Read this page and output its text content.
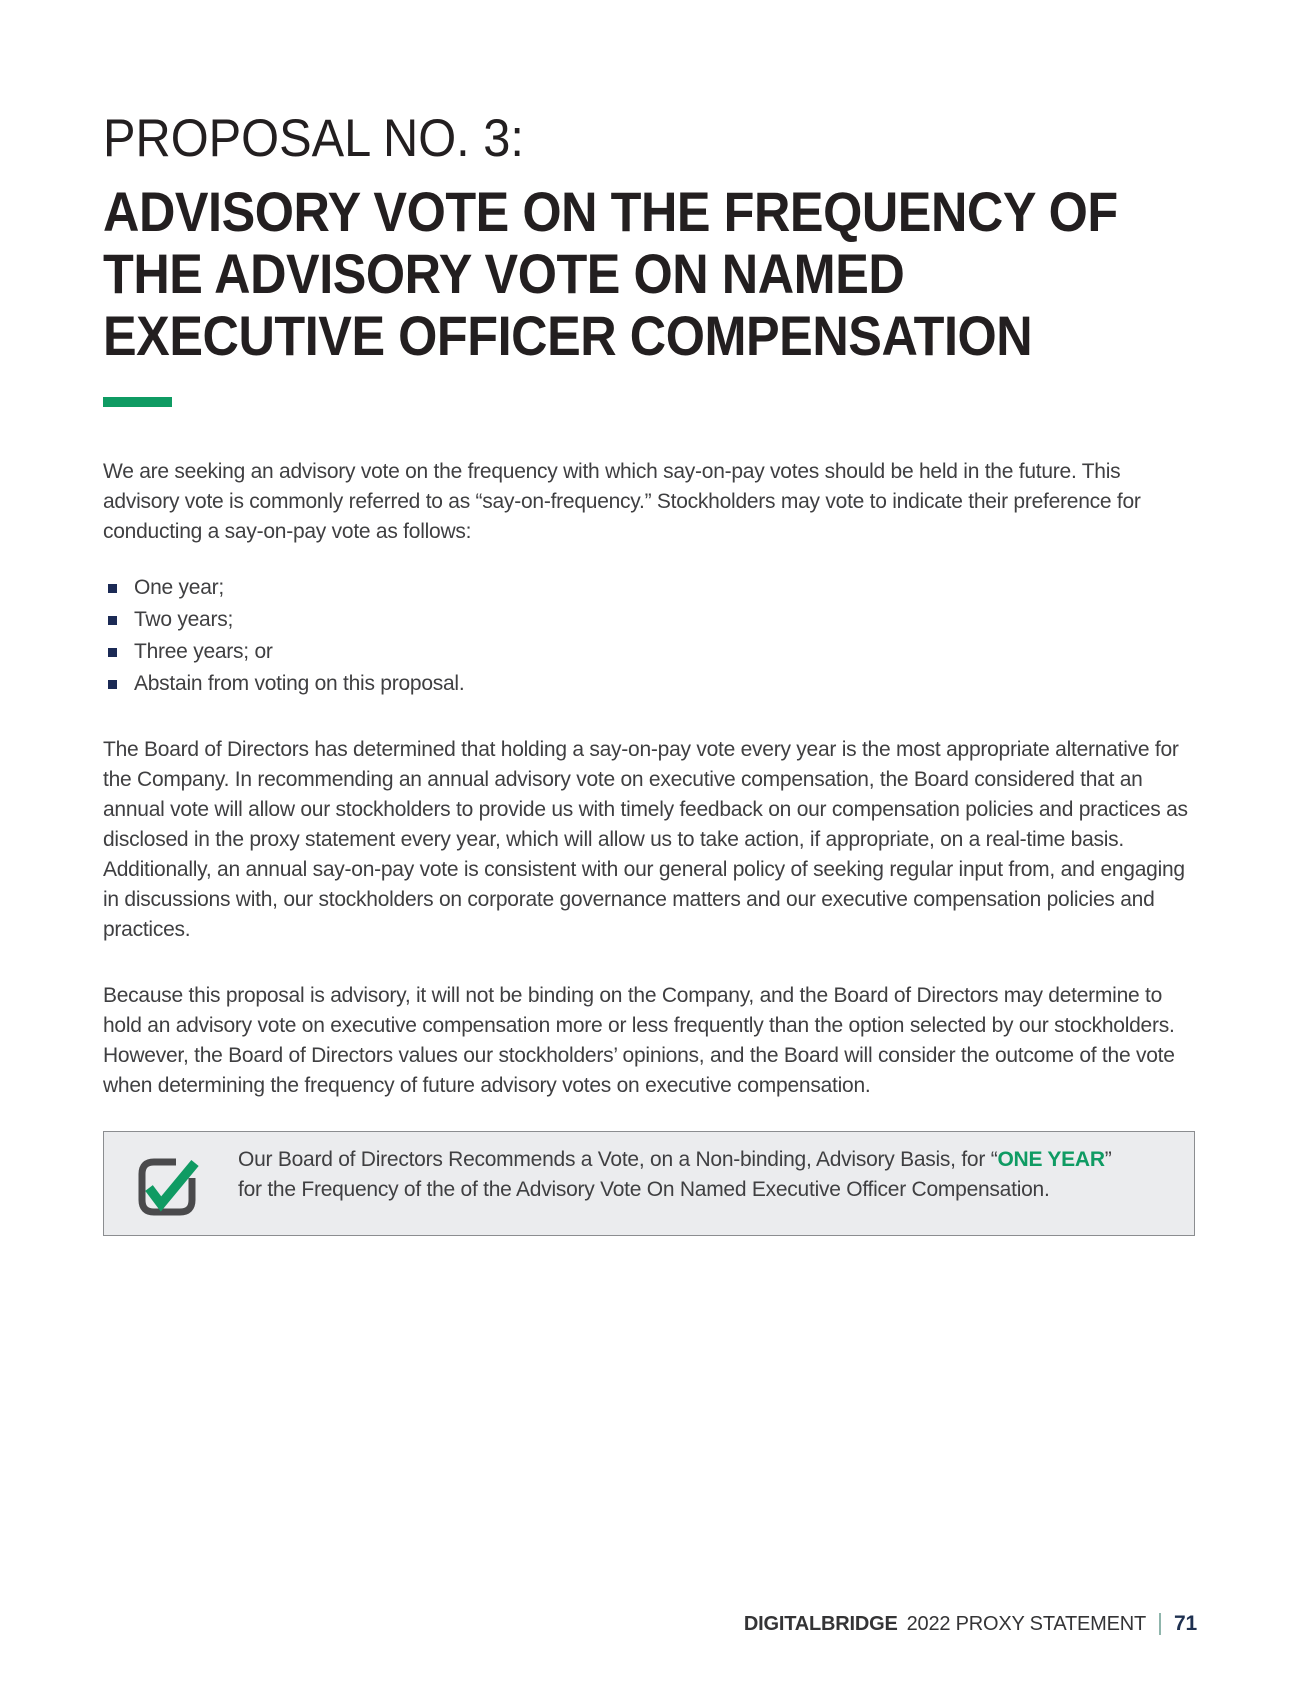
PROPOSAL NO. 3:
ADVISORY VOTE ON THE FREQUENCY OF
THE ADVISORY VOTE ON NAMED
EXECUTIVE OFFICER COMPENSATION

We are seeking an advisory vote on the frequency with which say-on-pay votes should be held in the future. This advisory vote is commonly referred to as “say-on-frequency.” Stockholders may vote to indicate their preference for conducting a say-on-pay vote as follows:

One year;
Two years;
Three years; or
Abstain from voting on this proposal.

The Board of Directors has determined that holding a say-on-pay vote every year is the most appropriate alternative for the Company. In recommending an annual advisory vote on executive compensation, the Board considered that an annual vote will allow our stockholders to provide us with timely feedback on our compensation policies and practices as disclosed in the proxy statement every year, which will allow us to take action, if appropriate, on a real-time basis. Additionally, an annual say-on-pay vote is consistent with our general policy of seeking regular input from, and engaging in discussions with, our stockholders on corporate governance matters and our executive compensation policies and practices.

Because this proposal is advisory, it will not be binding on the Company, and the Board of Directors may determine to hold an advisory vote on executive compensation more or less frequently than the option selected by our stockholders. However, the Board of Directors values our stockholders’ opinions, and the Board will consider the outcome of the vote when determining the frequency of future advisory votes on executive compensation.

Our Board of Directors Recommends a Vote, on a Non-binding, Advisory Basis, for “ONE YEAR” for the Frequency of the of the Advisory Vote On Named Executive Officer Compensation.

DIGITALBRIDGE 2022 PROXY STATEMENT 71
